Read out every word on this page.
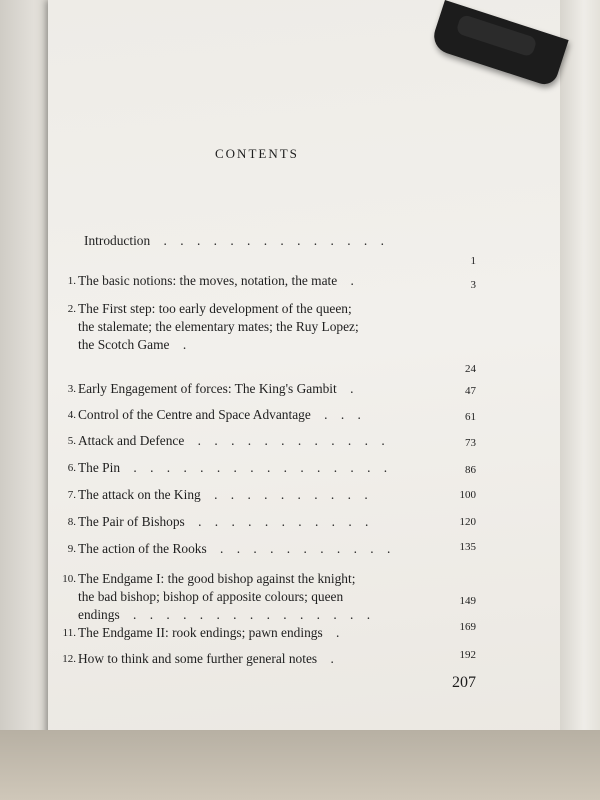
CONTENTS
Introduction . . . . . . . . . . . . . .
1
1. The basic notions: the moves, notation, the mate .	3
2. The First step: too early development of the queen;
the stalemate; the elementary mates; the Ruy Lopez;
the Scotch Game .
24
3. Early Engagement of forces: The King's Gambit .	47
4. Control of the Centre and Space Advantage . . .	61
5. Attack and Defence . . . . . . . . . . . .	73
6. The Pin . . . . . . . . . . . . . . . .	86
7. The attack on the King . . . . . . . . . .	100
8. The Pair of Bishops . . . . . . . . . . .	120
9. The action of the Rooks . . . . . . . . . . .	135
10. The Endgame I: the good bishop against the knight;
the bad bishop; bishop of apposite colours; queen
endings . . . . . . . . . . . . . . .
149
11. The Endgame II: rook endings; pawn endings .	169
12. How to think and some further general notes .	192
207
